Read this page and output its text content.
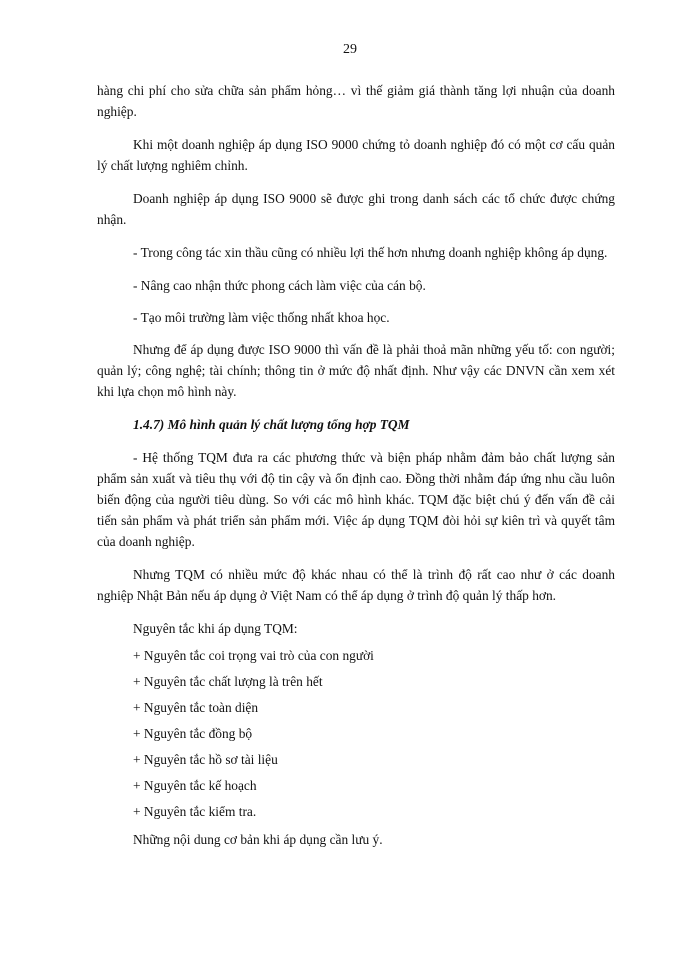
29

hàng chi phí cho sửa chữa sản phẩm hỏng… vì thế giảm giá thành tăng lợi nhuận của doanh nghiệp.

Khi một doanh nghiệp áp dụng ISO 9000 chứng tỏ doanh nghiệp đó có một cơ cấu quản lý chất lượng nghiêm chỉnh.

Doanh nghiệp áp dụng ISO 9000 sẽ được ghi trong danh sách các tổ chức được chứng nhận.

- Trong công tác xin thầu cũng có nhiều lợi thế hơn nhưng doanh nghiệp không áp dụng.

- Nâng cao nhận thức phong cách làm việc của cán bộ.

- Tạo môi trường làm việc thống nhất khoa học.

Nhưng để áp dụng được ISO 9000 thì vấn đề là phải thoả mãn những yếu tố: con người; quản lý; công nghệ; tài chính; thông tin ở mức độ nhất định. Như vậy các DNVN cần xem xét khi lựa chọn mô hình này.

1.4.7) Mô hình quản lý chất lượng tổng hợp TQM

- Hệ thống TQM đưa ra các phương thức và biện pháp nhằm đảm bảo chất lượng sản phẩm sản xuất và tiêu thụ với độ tin cậy và ổn định cao. Đồng thời nhằm đáp ứng nhu cầu luôn biến động của người tiêu dùng. So với các mô hình khác. TQM đặc biệt chú ý đến vấn đề cải tiến sản phẩm và phát triển sản phẩm mới. Việc áp dụng TQM đòi hỏi sự kiên trì và quyết tâm của doanh nghiệp.

Nhưng TQM có nhiều mức độ khác nhau có thể là trình độ rất cao như ở các doanh nghiệp Nhật Bản nếu áp dụng ở Việt Nam có thể áp dụng ở trình độ quản lý thấp hơn.

Nguyên tắc khi áp dụng TQM:

+ Nguyên tắc coi trọng vai trò của con người

+ Nguyên tắc chất lượng là trên hết

+ Nguyên tắc toàn diện

+ Nguyên tắc đồng bộ

+ Nguyên tắc hồ sơ tài liệu

+ Nguyên tắc kế hoạch

+ Nguyên tắc kiểm tra.

Những nội dung cơ bản khi áp dụng cần lưu ý.
